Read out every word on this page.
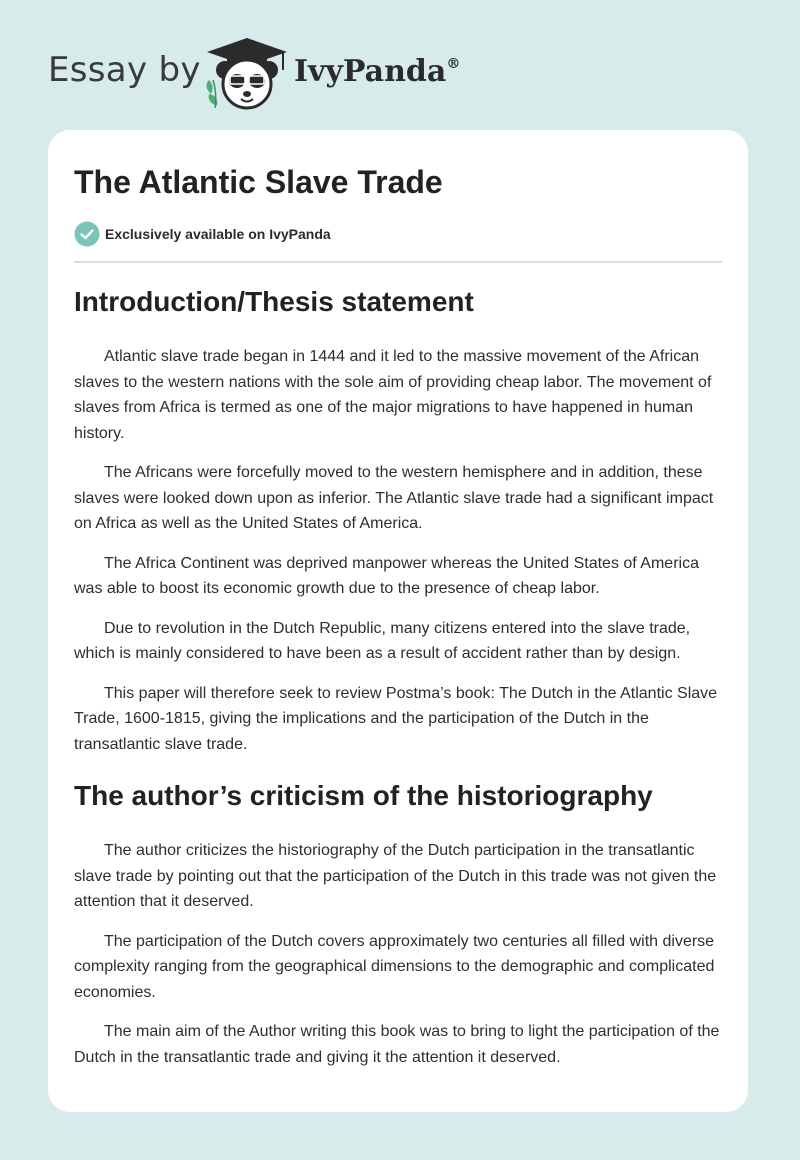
Essay by	IvyPanda®
The Atlantic Slave Trade
Exclusively available on IvyPanda
Introduction/Thesis statement

Atlantic slave trade began in 1444 and it led to the massive movement of the African slaves to the western nations with the sole aim of providing cheap labor. The movement of slaves from Africa is termed as one of the major migrations to have happened in human history.

The Africans were forcefully moved to the western hemisphere and in addition, these slaves were looked down upon as inferior. The Atlantic slave trade had a significant impact on Africa as well as the United States of America.

The Africa Continent was deprived manpower whereas the United States of America was able to boost its economic growth due to the presence of cheap labor.

Due to revolution in the Dutch Republic, many citizens entered into the slave trade, which is mainly considered to have been as a result of accident rather than by design.

This paper will therefore seek to review Postma’s book: The Dutch in the Atlantic Slave Trade, 1600-1815, giving the implications and the participation of the Dutch in the transatlantic slave trade.

The author’s criticism of the historiography

The author criticizes the historiography of the Dutch participation in the transatlantic slave trade by pointing out that the participation of the Dutch in this trade was not given the attention that it deserved.

The participation of the Dutch covers approximately two centuries all filled with diverse complexity ranging from the geographical dimensions to the demographic and complicated economies.

The main aim of the Author writing this book was to bring to light the participation of the Dutch in the transatlantic trade and giving it the attention it deserved.
